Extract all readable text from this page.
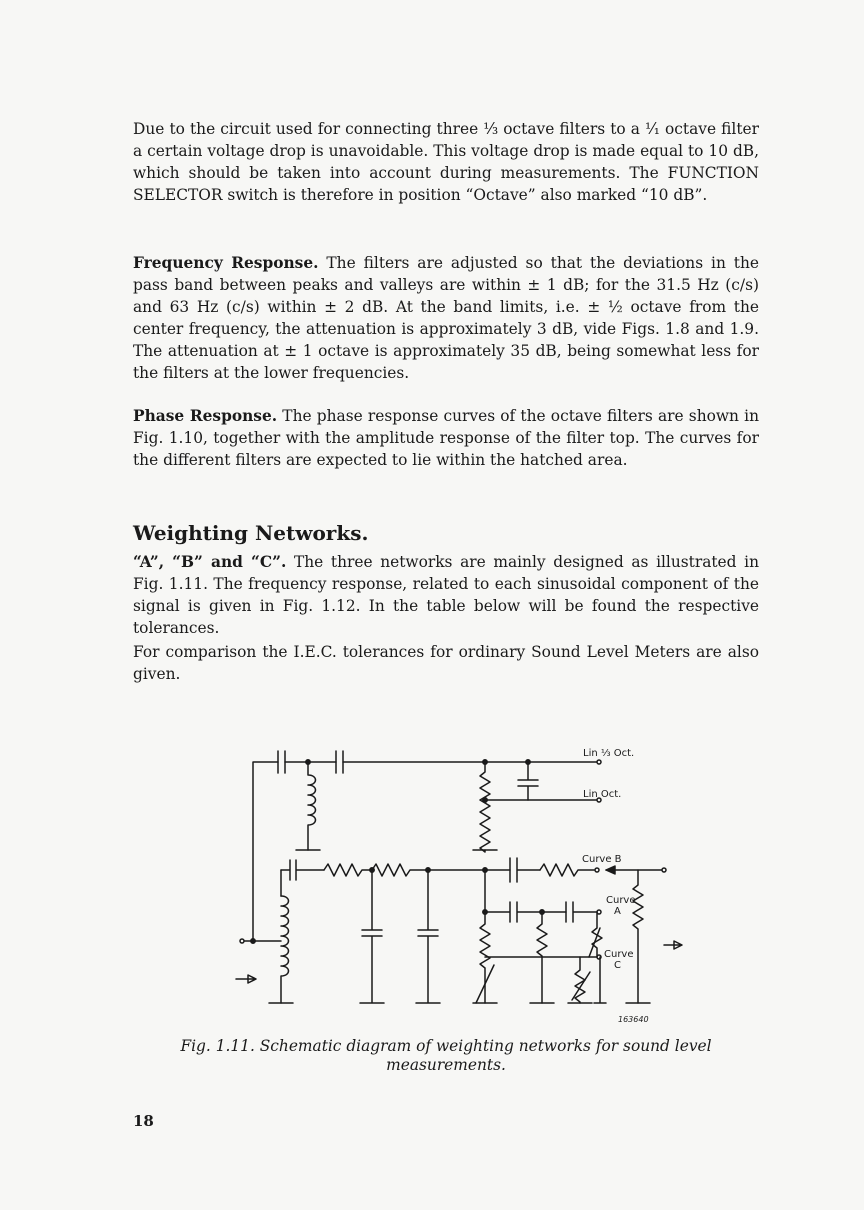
Due to the circuit used for connecting three ⅓ octave filters to a ⅟₁ octave filter a certain voltage drop is unavoidable. This voltage drop is made equal to 10 dB, which should be taken into account during measurements. The FUNCTION SELECTOR switch is therefore in position “Octave” also marked “10 dB”.

Frequency Response. The filters are adjusted so that the deviations in the pass band between peaks and valleys are within ± 1 dB; for the 31.5 Hz (c/s) and 63 Hz (c/s) within ± 2 dB. At the band limits, i.e. ± ½ octave from the center frequency, the attenuation is approximately 3 dB, vide Figs. 1.8 and 1.9. The attenuation at ± 1 octave is approximately 35 dB, being somewhat less for the filters at the lower frequencies.

Phase Response. The phase response curves of the octave filters are shown in Fig. 1.10, together with the amplitude response of the filter top. The curves for the different filters are expected to lie within the hatched area.

Weighting Networks.

“A”, “B” and “C”. The three networks are mainly designed as illustrated in Fig. 1.11. The frequency response, related to each sinusoidal component of the signal is given in Fig. 1.12. In the table below will be found the respective tolerances.

For comparison the I.E.C. tolerances for ordinary Sound Level Meters are also given.

Lin ⅓ Oct.
Lin Oct.
Curve B
Curve
A
Curve
C
163640
Fig. 1.11. Schematic diagram of weighting networks for sound level
measurements.
18
